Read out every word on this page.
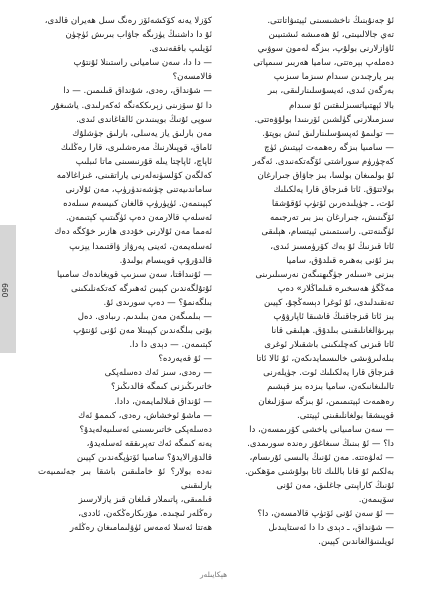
ئۇ جەنۇبنىڭ ناخشىسىنى ئېيتىۋاتاتتى.

تەي جالالىيىتى، ئۇ ھەمىشە ئىشتىيىن

ئاۋازلارنى بولۇپ، بىزگە لەمون سوۋىي

دەملەپ بېرەتتى، ساميا ھەربىر سىمپاتى

بىر يارچىدىن سىدام سىزما سىزىپ

بەرگەن ئىدى، ئەيسۇسلىنارلىقى، بىر

بالا ئېھتىياتسىزلىقتىن ئۇ سىدام

سىزمىلارنى گۈلشىن ئۆرىنىدا بولۇۋەتتى.

— تولىمۇ ئەپسۇسلىنارلىق ئىش بوپتۇ.

— سامىيا بىزگە رەھمەت ئېيتىش ئۈچ

كەچۈرۈم سوراشتى ئۆگەتكەنىدى. ئەگەر

ئۇ بولمىغان بولسا، بىز جاۋاق جىرارغان

بولاتتۇق. ئاتا قىزجاق قارا يەلكىلىك

ئۇت، ـ جۈيلىدەرىن ئۆتۈپ ئۇقۇشقا

ئۆگىنىش، جىرارغان بىز بىر تەرجىمە

ئۈگىنەتتى. راسىتمىنى ئېيتسام، ھېلىقى

ئاتا قىزنىڭ ئۇ بەك كۆرۈمسىز ئىدى،

بىز ئۇنى بەھىرە قىلدۇق، ساميا

بىزنى «سىلەر جۈگىھنىگەن نەرسىلىرىنى

مەڭگۈ ھەسخىرە قىلماڭلار» دەپ

تەنقىدلىدى، ئۇ ئوغرا دېسەڭچۇ، كېيىن

بىز ئاتا قىزجاقنىڭ قاشىقا ئاپارۋۇپ

بېرىۋالغانلىقىنى بىلدۇق. ھېلىقى قانا

ئاتا قىزنى كەچلىكىنى باشقىلار ئوغرى

بىلەلىرۋىشى خالىسمايدىكەن، ئۇ ئالا ئاتا

قىزجاق قارا يەلكىلىك ئوت. جۈيلەرنى

تالىلىغانىكەن، ساميا بىزدە بىز قېشىم

رەھمەت ئېيتىمىمن، ئۇ بىزگە سۆزلىغان

قويىشقا بولغانلىقىنى ئېيتتى.

— سەن سامىيانى ياخشى كۆرىمسەن، دا

دا؟ — ئۇ بىنىڭ سىغاغۇر رەندە سورىمدى.

— ئەلۋەتتە. مەن ئۇنىڭ بالىسى ئۇرىسام،

بەلكىم ئۇ قانا باللىك ئاتا بولۇشنى مۆھكىن.

ئۇنىڭ كاراپىتى جاغلىق، مەن ئۇنى

سۆيىمەن.

— ئۇ سەن ئۇنى ئۆتۈپ قالامسەن، دا؟

— شۇنداق، ـ دېدى دا دا ئەستايىدىل

ئويلىنىۋالغاندىن كېيىن.

كۆزلا يەنە كۆكشەئۆز رەنگ سىل ھەيران قالدى،

ئۇ دا داشنىڭ يۈزىگە جاۋاب بىرىش ئۈچۈن

ئۆيلىپ باققەنىدى.

— دا دا، سەن ساميانى راستىنلا ئۇنتۇپ

قالامسەن؟

— شۇنداق، رەدى، شۇنداق قىلىمىن. — دا

دا ئۇ سۆزىنى زېرىككەنگە ئەكەرلىدى. ياشىغۇر

سوپى ئۇنىڭ بويىنىدىن ئالقاغاندى ئىدى.

مەن بارلىق ياز يەسلى، بارلىق جۈشلۇك

ئاماق، قوپىلارنىڭ مەرەشلىرى، قارا رەڭلىك

ئاپاچ، ئاپاچتا يىلە قۇرنىسىنى ماتا ئىبلىپ

كەلگەن كۆلسۈنەلەرنى ياراتقىنى، غىزاغالامە

ساماندىيەتنى چۈشەندۈرۈپ، مەن ئۇلارنى

كېيىنمەن. ئۈپۈرۈپ قالغان كىيسەم سىلەدە

ئەسلەپ قالارمەن دەپ ئۈگىتىپ كېتىمەن.

ئەمما مەن ئۇلارنى خۇددى ھازىر خۇكگە دەك

ئەسلەيمەن، ئەينى پەرۋاز ۋاقتىمدا يېزىپ

قالدۇرۇپ قويىسام بولىدۇ.

— ئۇنىداقتا، سەن سىزىپ قويغاندەك سامىيا

ئۇتۇلگەندىن كېيىن ئەھىرگە كەتكەنلىكىنى

بىلگەنمۇ؟ — دەپ سورىدى ئۇ.

— بىلمىگەن مەن بىلىدىم. رىبادى. دەل

بۇنى بىلگەندىن كېيىنلا مەن ئۇنى ئۇنتۇپ

كېتىمەن. — دېدى دا دا.

— ئۇ قەيەردە؟

— رەدى، سىز ئەك دەسلەپكى

خاتىرىڭىزنى كىمگە قالدىڭىز؟

— ئۇنداق قىلالمايمەن، دادا.

— ماشۇ ئوخشاش، رەدى، كىممۇ ئەك

دەسلەپكى خاتىرىسىنى ئەسلىيەلەيدۇ؟

يەنە كىمگە ئەك تەپرىققە ئەسلەيدۇ،

قالدۇرالايدۇ؟ سامىيا ئۆتۈپگەندىن كېيىن

نەدە بولار؟ ئۇ خاملىقىن باشقا بىر جەئىمىيەت بارلىقىنى

قىلمىقى، پاتىملار قىلغان قىز يازلارسىز

رەڭلەر ئىچىدە. مۇزىكارەڭكەن، ئاددى،

ھەتتا ئەسلا ئەمەس ئۈۋلىمامىغان رەڭلەر

099
ھېكايىلەر
